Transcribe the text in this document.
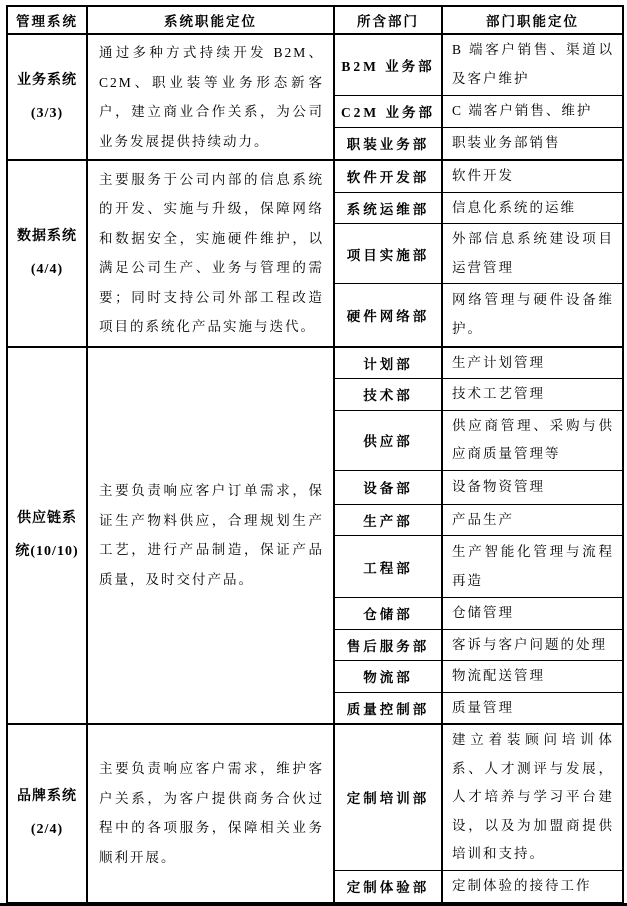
管理系统	系统职能定位	所含部门	部门职能定位

业务系统
(3/3)	通过多种方式持续开发 B2M、C2M、职业装等业务形态新客户，建立商业合作关系，为公司业务发展提供持续动力。	B2M 业务部	B 端客户销售、渠道以及客户维护
		C2M 业务部	C 端客户销售、维护
		职装业务部	职装业务部销售

数据系统
(4/4)	主要服务于公司内部的信息系统的开发、实施与升级，保障网络和数据安全，实施硬件维护，以满足公司生产、业务与管理的需要；同时支持公司外部工程改造项目的系统化产品实施与迭代。	软件开发部	软件开发
		系统运维部	信息化系统的运维
		项目实施部	外部信息系统建设项目运营管理
		硬件网络部	网络管理与硬件设备维护。

供应链系
统(10/10)	主要负责响应客户订单需求，保证生产物料供应，合理规划生产工艺，进行产品制造，保证产品质量，及时交付产品。	计划部	生产计划管理
		技术部	技术工艺管理
		供应部	供应商管理、采购与供应商质量管理等
		设备部	设备物资管理
		生产部	产品生产
		工程部	生产智能化管理与流程再造
		仓储部	仓储管理
		售后服务部	客诉与客户问题的处理
		物流部	物流配送管理
		质量控制部	质量管理

品牌系统
(2/4)	主要负责响应客户需求，维护客户关系，为客户提供商务合伙过程中的各项服务，保障相关业务顺利开展。	定制培训部	建立着装顾问培训体系、人才测评与发展，人才培养与学习平台建设，以及为加盟商提供培训和支持。
		定制体验部	定制体验的接待工作
